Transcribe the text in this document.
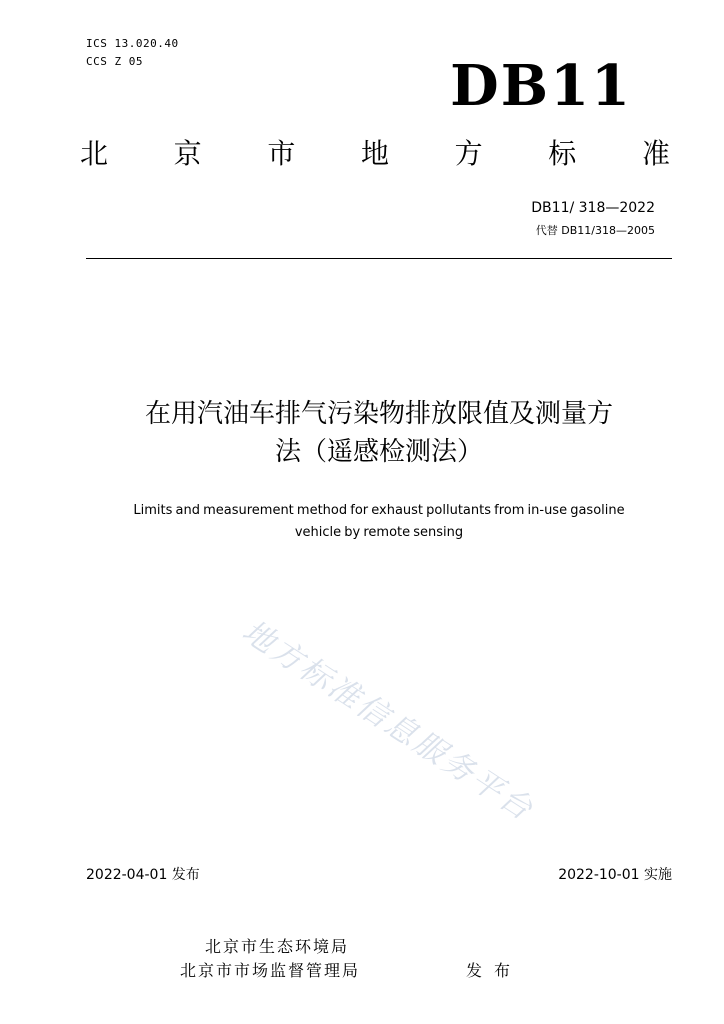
ICS 13.020.40
CCS Z 05	DB11
北 京 市 地 方 标 准
DB11/ 318—2022
代替 DB11/318—2005
在用汽油车排气污染物排放限值及测量方
法（遥感检测法）
Limits and measurement method for exhaust pollutants from in-use gasoline
vehicle by remote sensing
地方标准信息服务平台
2022-04-01 发布	2022-10-01 实施
北京市生态环境局
北京市市场监督管理局	发布
